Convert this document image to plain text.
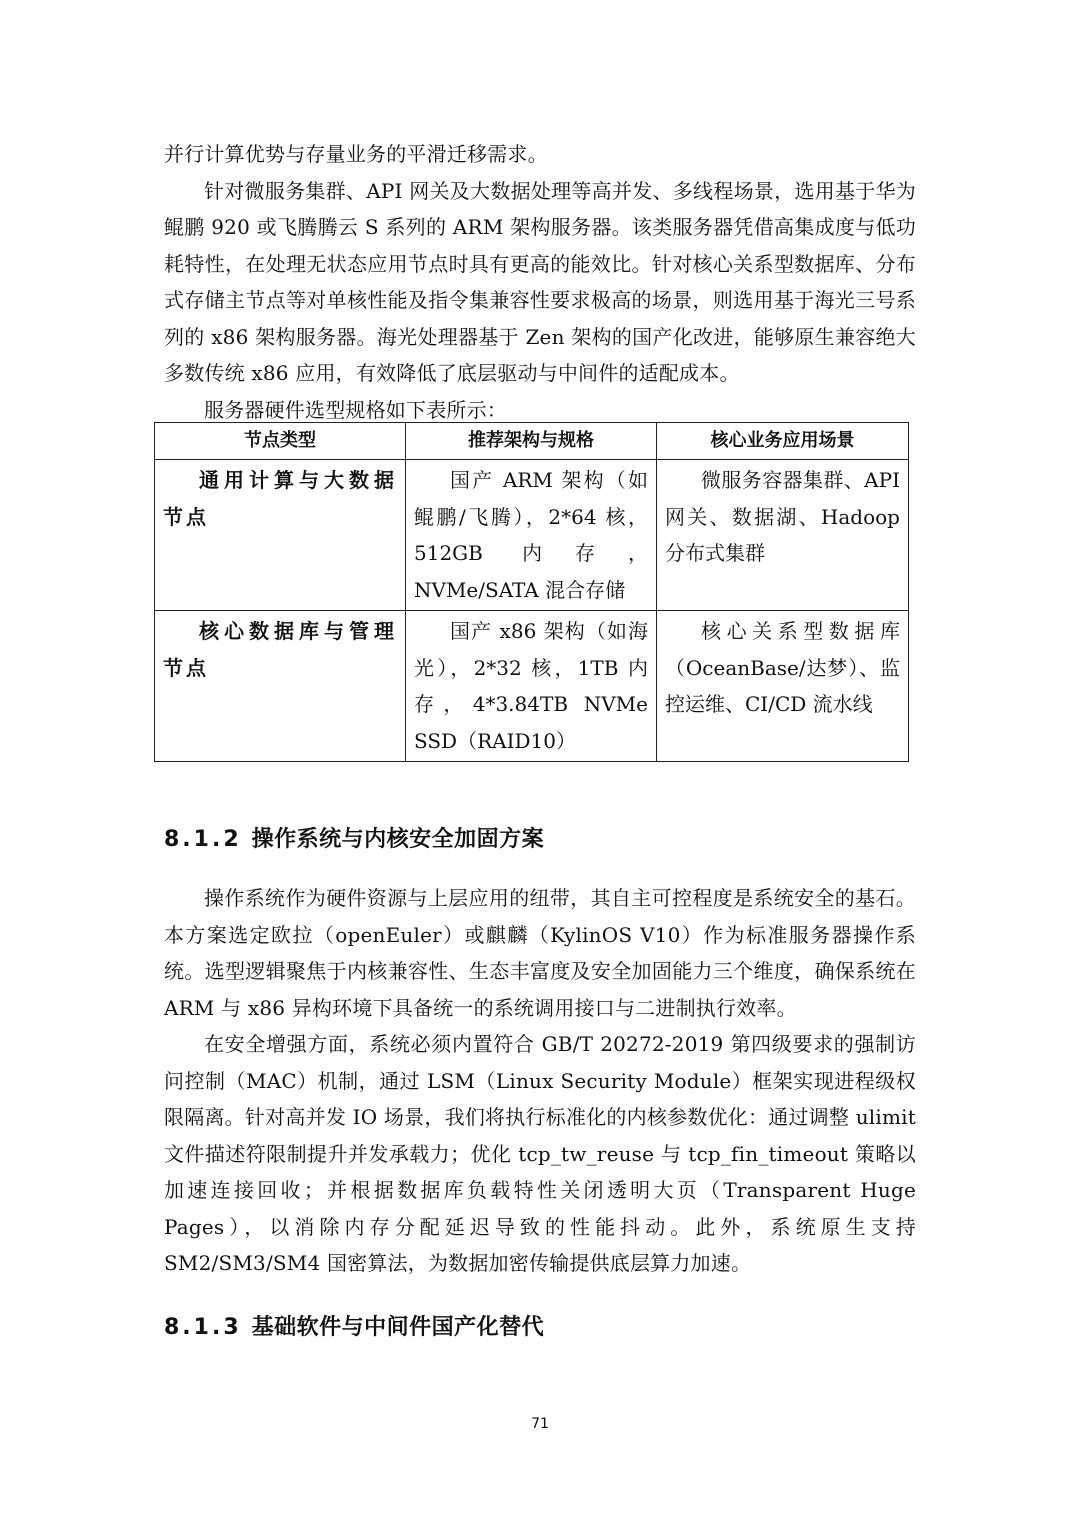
并行计算优势与存量业务的平滑迁移需求。

针对微服务集群、API 网关及大数据处理等高并发、多线程场景，选用基于华为鲲鹏 920 或飞腾腾云 S 系列的 ARM 架构服务器。该类服务器凭借高集成度与低功耗特性，在处理无状态应用节点时具有更高的能效比。针对核心关系型数据库、分布式存储主节点等对单核性能及指令集兼容性要求极高的场景，则选用基于海光三号系列的 x86 架构服务器。海光处理器基于 Zen 架构的国产化改进，能够原生兼容绝大多数传统 x86 应用，有效降低了底层驱动与中间件的适配成本。

服务器硬件选型规格如下表所示：

节点类型	推荐架构与规格	核心业务应用场景
通用计算与大数据节点	国产 ARM 架构（如鲲鹏/飞腾），2*64 核，512GB 内存，NVMe/SATA 混合存储	微服务容器集群、API 网关、数据湖、Hadoop 分布式集群
核心数据库与管理节点	国产 x86 架构（如海光），2*32 核，1TB 内存，4*3.84TB NVMe SSD（RAID10）	核心关系型数据库（OceanBase/达梦）、监控运维、CI/CD 流水线
8.1.2 操作系统与内核安全加固方案

操作系统作为硬件资源与上层应用的纽带，其自主可控程度是系统安全的基石。本方案选定欧拉（openEuler）或麒麟（KylinOS V10）作为标准服务器操作系统。选型逻辑聚焦于内核兼容性、生态丰富度及安全加固能力三个维度，确保系统在 ARM 与 x86 异构环境下具备统一的系统调用接口与二进制执行效率。

在安全增强方面，系统必须内置符合 GB/T 20272-2019 第四级要求的强制访问控制（MAC）机制，通过 LSM（Linux Security Module）框架实现进程级权限隔离。针对高并发 IO 场景，我们将执行标准化的内核参数优化：通过调整 ulimit 文件描述符限制提升并发承载力；优化 tcp_tw_reuse 与 tcp_fin_timeout 策略以加速连接回收；并根据数据库负载特性关闭透明大页（Transparent Huge Pages），以消除内存分配延迟导致的性能抖动。此外，系统原生支持 SM2/SM3/SM4 国密算法，为数据加密传输提供底层算力加速。

8.1.3 基础软件与中间件国产化替代
71
